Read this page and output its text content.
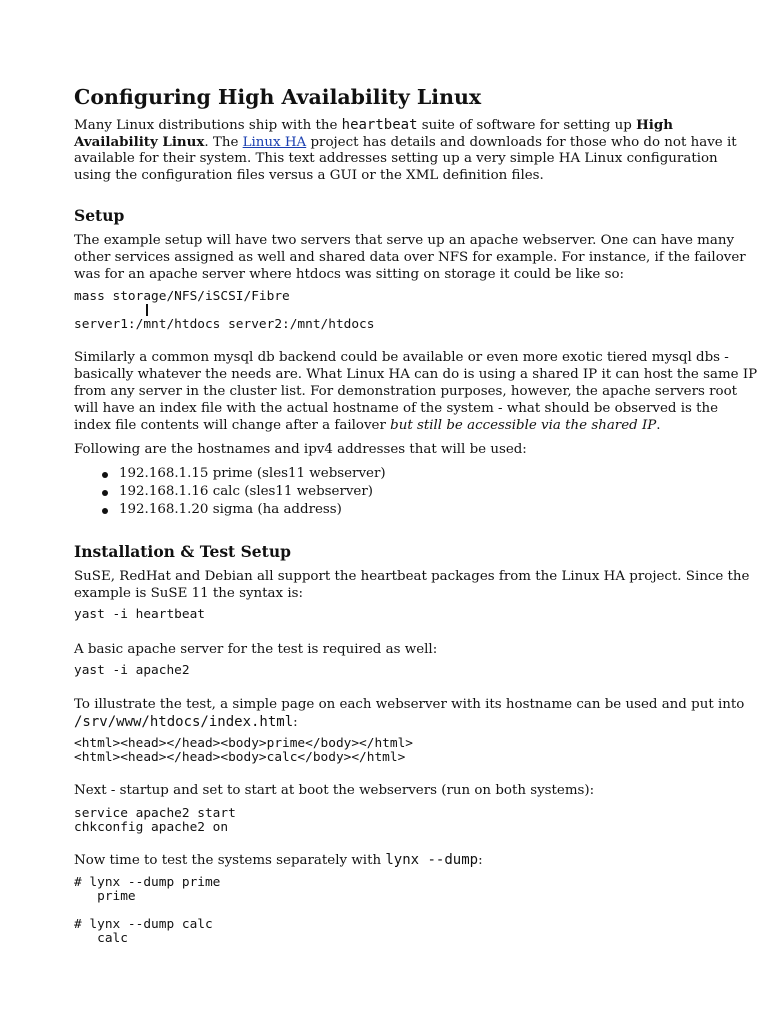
Configuring High Availability Linux
Many Linux distributions ship with the heartbeat suite of software for setting up High
Availability Linux. The Linux HA project has details and downloads for those who do not have it
available for their system. This text addresses setting up a very simple HA Linux configuration
using the configuration files versus a GUI or the XML definition files.
Setup
The example setup will have two servers that serve up an apache webserver. One can have many
other services assigned as well and shared data over NFS for example. For instance, if the failover
was for an apache server where htdocs was sitting on storage it could be like so:
mass storage/NFS/iSCSI/Fibre
server1:/mnt/htdocs server2:/mnt/htdocs
Similarly a common mysql db backend could be available or even more exotic tiered mysql dbs -
basically whatever the needs are. What Linux HA can do is using a shared IP it can host the same IP
from any server in the cluster list. For demonstration purposes, however, the apache servers root
will have an index file with the actual hostname of the system - what should be observed is the
index file contents will change after a failover but still be accessible via the shared IP.
Following are the hostnames and ipv4 addresses that will be used:
192.168.1.15 prime (sles11 webserver)
192.168.1.16 calc (sles11 webserver)
192.168.1.20 sigma (ha address)
Installation & Test Setup
SuSE, RedHat and Debian all support the heartbeat packages from the Linux HA project. Since the
example is SuSE 11 the syntax is:
yast -i heartbeat
A basic apache server for the test is required as well:
yast -i apache2
To illustrate the test, a simple page on each webserver with its hostname can be used and put into
/srv/www/htdocs/index.html:
<html><head></head><body>prime</body></html>
<html><head></head><body>calc</body></html>
Next - startup and set to start at boot the webservers (run on both systems):
service apache2 start
chkconfig apache2 on
Now time to test the systems separately with lynx --dump:
# lynx --dump prime
prime
# lynx --dump calc
calc
